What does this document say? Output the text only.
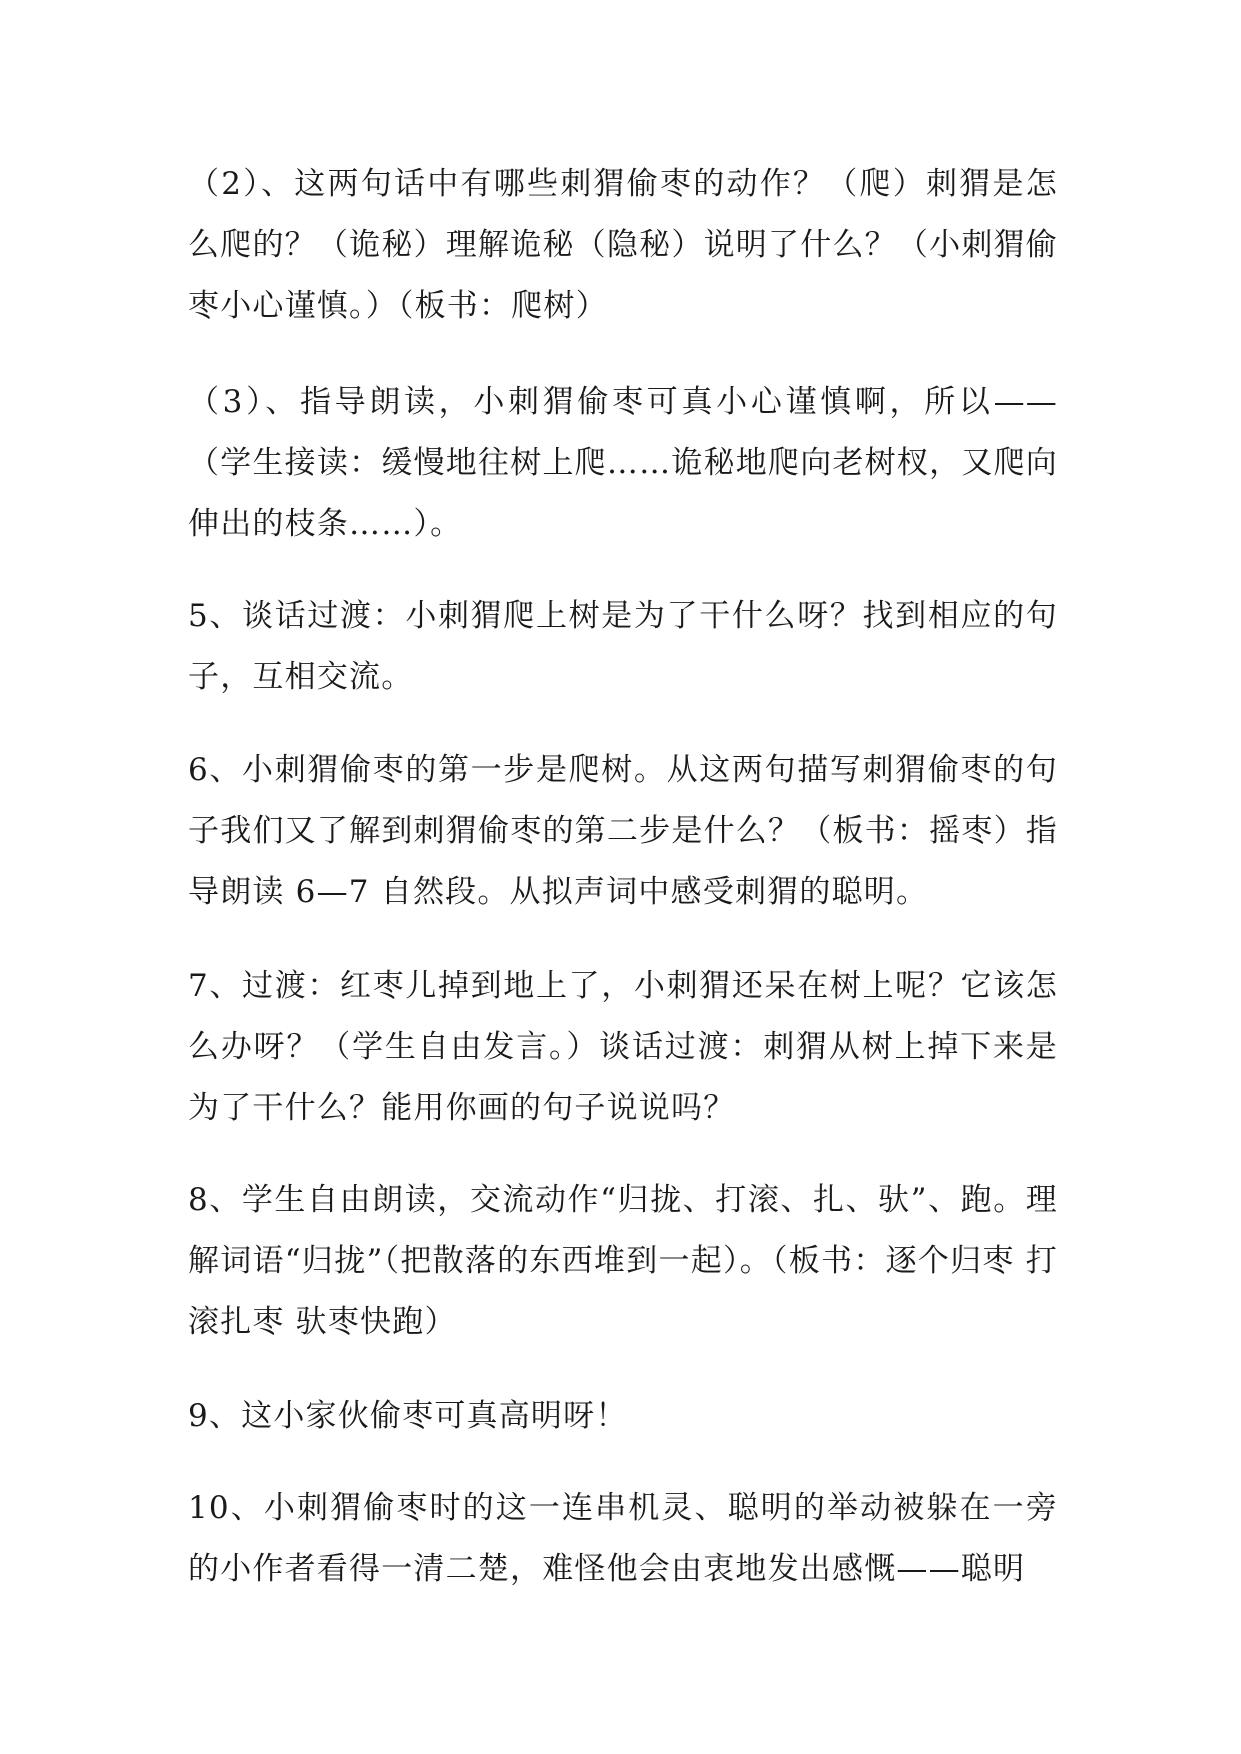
（2）、这两句话中有哪些刺猬偷枣的动作？（爬）刺猬是怎么爬的？（诡秘）理解诡秘（隐秘）说明了什么？（小刺猬偷枣小心谨慎。）（板书：爬树）

（3）、指导朗读，小刺猬偷枣可真小心谨慎啊，所以——（学生接读：缓慢地往树上爬……诡秘地爬向老树杈，又爬向伸出的枝条……）。

5、谈话过渡：小刺猬爬上树是为了干什么呀？找到相应的句子，互相交流。

6、小刺猬偷枣的第一步是爬树。从这两句描写刺猬偷枣的句子我们又了解到刺猬偷枣的第二步是什么？（板书：摇枣）指导朗读 6—7 自然段。从拟声词中感受刺猬的聪明。

7、过渡：红枣儿掉到地上了，小刺猬还呆在树上呢？它该怎么办呀？（学生自由发言。）谈话过渡：刺猬从树上掉下来是为了干什么？能用你画的句子说说吗？

8、学生自由朗读，交流动作“归拢、打滚、扎、驮”、跑。理解词语“归拢”（把散落的东西堆到一起）。（板书：逐个归枣 打滚扎枣 驮枣快跑）

9、这小家伙偷枣可真高明呀！

10、小刺猬偷枣时的这一连串机灵、聪明的举动被躲在一旁的小作者看得一清二楚，难怪他会由衷地发出感慨——聪明
